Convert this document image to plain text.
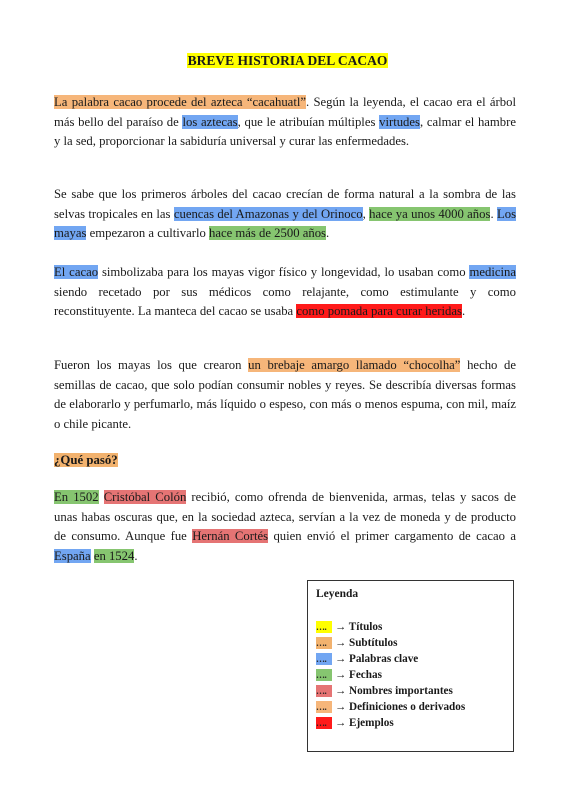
BREVE HISTORIA DEL CACAO
La palabra cacao procede del azteca “cacahuatl”. Según la leyenda, el cacao era el árbol más bello del paraíso de los aztecas, que le atribuían múltiples virtudes, calmar el hambre y la sed, proporcionar la sabiduría universal y curar las enfermedades.
Se sabe que los primeros árboles del cacao crecían de forma natural a la sombra de las selvas tropicales en las cuencas del Amazonas y del Orinoco, hace ya unos 4000 años. Los mayas empezaron a cultivarlo hace más de 2500 años.
El cacao simbolizaba para los mayas vigor físico y longevidad, lo usaban como medicina siendo recetado por sus médicos como relajante, como estimulante y como reconstituyente. La manteca del cacao se usaba como pomada para curar heridas.
Fueron los mayas los que crearon un brebaje amargo llamado “chocolha” hecho de semillas de cacao, que solo podían consumir nobles y reyes. Se describía diversas formas de elaborarlo y perfumarlo, más líquido o espeso, con más o menos espuma, con mil, maíz o chile picante.
¿Qué pasó?
En 1502 Cristóbal Colón recibió, como ofrenda de bienvenida, armas, telas y sacos de unas habas oscuras que, en la sociedad azteca, servían a la vez de moneda y de producto de consumo. Aunque fue Hernán Cortés quien envió el primer cargamento de cacao a España en 1524.
Leyenda
…. → Títulos
…. → Subtítulos
…. → Palabras clave
…. → Fechas
…. → Nombres importantes
…. → Definiciones o derivados
…. → Ejemplos
